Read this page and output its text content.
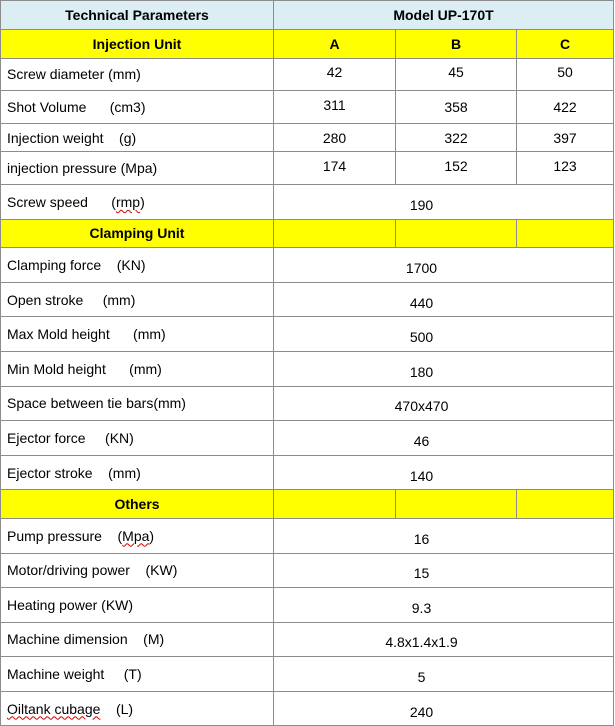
Technical Parameters	Model UP-170T		
Injection Unit	A	B	C
Screw diameter (mm)	42	45	50
Shot Volume      (cm3)	311	358	422
Injection weight    (g)	280	322	397
injection pressure (Mpa)	174	152	123
Screw speed      (rmp)	190		
Clamping Unit			
Clamping force    (KN)	1700		
Open stroke     (mm)	440		
Max Mold height      (mm)	500		
Min Mold height      (mm)	180		
Space between tie bars(mm)	470x470		
Ejector force     (KN)	46		
Ejector stroke    (mm)	140		
Others			
Pump pressure    (Mpa)	16		
Motor/driving power    (KW)	15		
Heating power (KW)	9.3		
Machine dimension    (M)	4.8x1.4x1.9		
Machine weight     (T)	5		
Oiltank cubage    (L)	240		
